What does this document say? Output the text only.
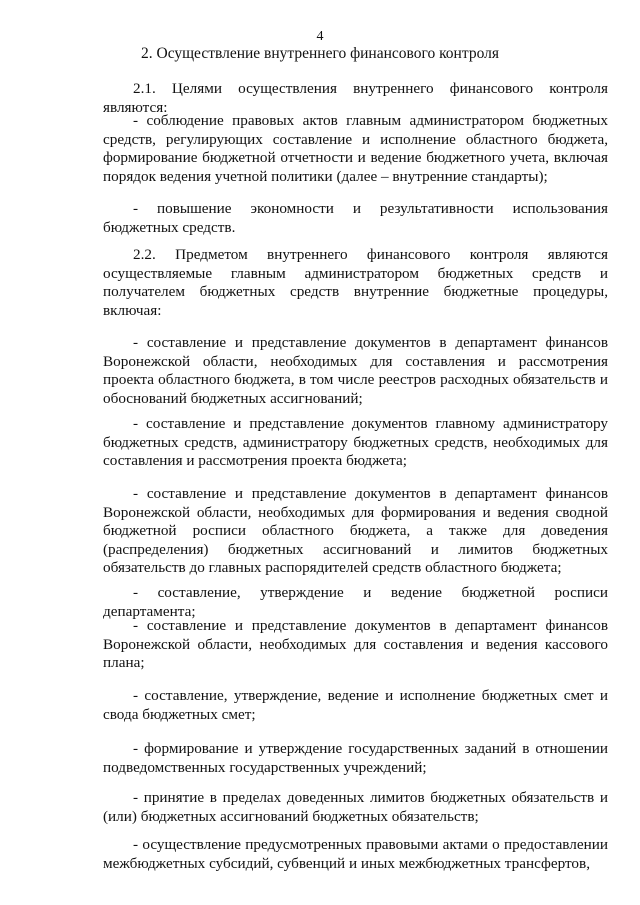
4
2. Осуществление внутреннего финансового контроля

2.1. Целями осуществления внутреннего финансового контроля являются:

- соблюдение правовых актов главным администратором бюджетных средств, регулирующих составление и исполнение областного бюджета, формирование бюджетной отчетности и ведение бюджетного учета, включая порядок ведения учетной политики (далее – внутренние стандарты);

- повышение экономности и результативности использования бюджетных средств.

2.2. Предметом внутреннего финансового контроля являются осуществляемые главным администратором бюджетных средств и получателем бюджетных средств внутренние бюджетные процедуры, включая:

- составление и представление документов в департамент финансов Воронежской области, необходимых для составления и рассмотрения проекта областного бюджета, в том числе реестров расходных обязательств и обоснований бюджетных ассигнований;

- составление и представление документов главному администратору бюджетных средств, администратору бюджетных средств, необходимых для составления и рассмотрения проекта бюджета;

- составление и представление документов в департамент финансов Воронежской области, необходимых для формирования и ведения сводной бюджетной росписи областного бюджета, а также для доведения (распределения) бюджетных ассигнований и лимитов бюджетных обязательств до главных распорядителей средств областного бюджета;

- составление, утверждение и ведение бюджетной росписи департамента;

- составление и представление документов в департамент финансов Воронежской области, необходимых для составления и ведения кассового плана;

- составление, утверждение, ведение и исполнение бюджетных смет и свода бюджетных смет;

- формирование и утверждение государственных заданий в отношении подведомственных государственных учреждений;

- принятие в пределах доведенных лимитов бюджетных обязательств и (или) бюджетных ассигнований бюджетных обязательств;

- осуществление предусмотренных правовыми актами о предоставлении межбюджетных субсидий, субвенций и иных межбюджетных трансфертов,
